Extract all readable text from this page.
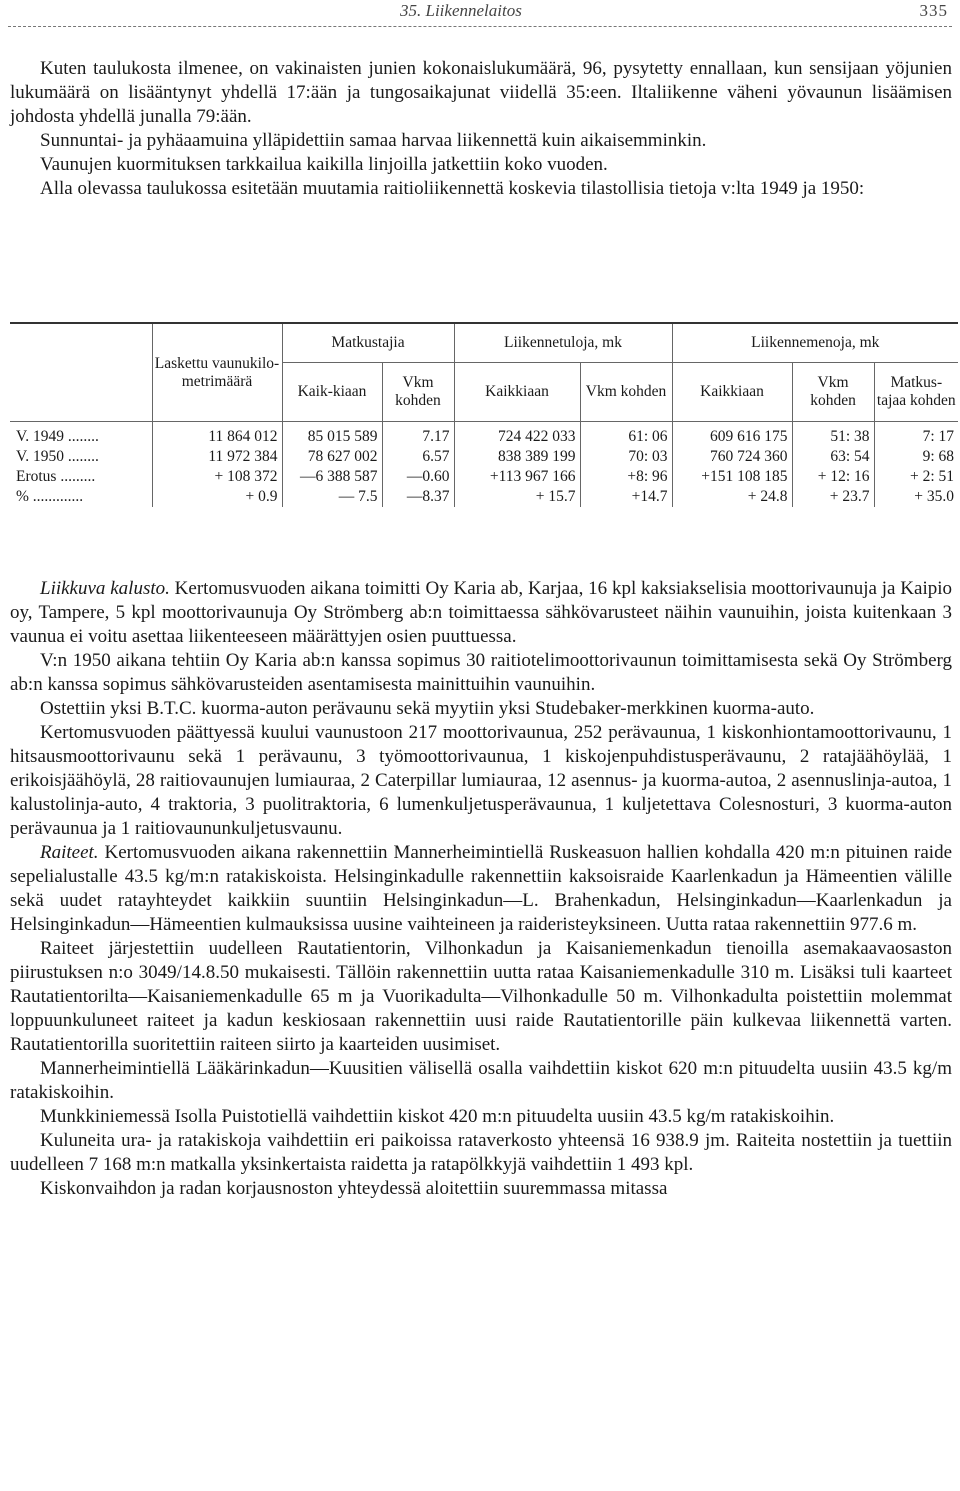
35. Liikennelaitos	335

Kuten taulukosta ilmenee, on vakinaisten junien kokonaislukumäärä, 96, pysytetty ennallaan, kun sensijaan yöjunien lukumäärä on lisääntynyt yhdellä 17:ään ja tungosaikajunat viidellä 35:een. Iltaliikenne väheni yövaunun lisäämisen johdosta yhdellä junalla 79:ään.

Sunnuntai- ja pyhäaamuina ylläpidettiin samaa harvaa liikennettä kuin aikaisemminkin.

Vaunujen kuormituksen tarkkailua kaikilla linjoilla jatkettiin koko vuoden.

Alla olevassa taulukossa esitetään muutamia raitioliikennettä koskevia tilastollisia tietoja v:lta 1949 ja 1950:

	Laskettu vaunukilo-metrimäärä	Matkustajia		Liikennetuloja, mk		Liikennemenoja, mk		
		Kaik-kiaan	Vkm kohden	Kaikkiaan	Vkm kohden	Kaikkiaan	Vkm kohden	Matkus-tajaa kohden
V. 1949 ........	11 864 012	85 015 589	7.17	724 422 033	61: 06	609 616 175	51: 38	7: 17
V. 1950 ........	11 972 384	78 627 002	6.57	838 389 199	70: 03	760 724 360	63: 54	9: 68
Erotus .........	+ 108 372	—6 388 587	—0.60	+113 967 166	+8: 96	+151 108 185	+ 12: 16	+ 2: 51
% .............	+ 0.9	— 7.5	—8.37	+ 15.7	+14.7	+ 24.8	+ 23.7	+ 35.0

Liikkuva kalusto. Kertomusvuoden aikana toimitti Oy Karia ab, Karjaa, 16 kpl kaksiakselisia moottorivaunuja ja Kaipio oy, Tampere, 5 kpl moottorivaunuja Oy Strömberg ab:n toimittaessa sähkövarusteet näihin vaunuihin, joista kuitenkaan 3 vaunua ei voitu asettaa liikenteeseen määrättyjen osien puuttuessa.

V:n 1950 aikana tehtiin Oy Karia ab:n kanssa sopimus 30 raitiotelimoottorivaunun toimittamisesta sekä Oy Strömberg ab:n kanssa sopimus sähkövarusteiden asentamisesta mainittuihin vaunuihin.

Ostettiin yksi B.T.C. kuorma-auton perävaunu sekä myytiin yksi Studebaker-merkkinen kuorma-auto.

Kertomusvuoden päättyessä kuului vaunustoon 217 moottorivaunua, 252 perävaunua, 1 kiskonhiontamoottorivaunu, 1 hitsausmoottorivaunu sekä 1 perävaunu, 3 työmoottorivaunua, 1 kiskojenpuhdistusperävaunu, 2 ratajäähöylää, 1 erikoisjäähöylä, 28 raitiovaunujen lumiauraa, 2 Caterpillar lumiauraa, 12 asennus- ja kuorma-autoa, 2 asennuslinja-autoa, 1 kalustolinja-auto, 4 traktoria, 3 puolitraktoria, 6 lumenkuljetusperävaunua, 1 kuljetettava Colesnosturi, 3 kuorma-auton perävaunua ja 1 raitiovaununkuljetusvaunu.

Raiteet. Kertomusvuoden aikana rakennettiin Mannerheimintiellä Ruskeasuon hallien kohdalla 420 m:n pituinen raide sepelialustalle 43.5 kg/m:n ratakiskoista. Helsinginkadulle rakennettiin kaksoisraide Kaarlenkadun ja Hämeentien välille sekä uudet ratayhteydet kaikkiin suuntiin Helsinginkadun—L. Brahenkadun, Helsinginkadun—Kaarlenkadun ja Helsinginkadun—Hämeentien kulmauksissa uusine vaihteineen ja raideristeyksineen. Uutta rataa rakennettiin 977.6 m.

Raiteet järjestettiin uudelleen Rautatientorin, Vilhonkadun ja Kaisaniemenkadun tienoilla asemakaavaosaston piirustuksen n:o 3049/14.8.50 mukaisesti. Tällöin rakennettiin uutta rataa Kaisaniemenkadulle 310 m. Lisäksi tuli kaarteet Rautatientorilta—Kaisaniemenkadulle 65 m ja Vuorikadulta—Vilhonkadulle 50 m. Vilhonkadulta poistettiin molemmat loppuunkuluneet raiteet ja kadun keskiosaan rakennettiin uusi raide Rautatientorille päin kulkevaa liikennettä varten. Rautatientorilla suoritettiin raiteen siirto ja kaarteiden uusimiset.

Mannerheimintiellä Lääkärinkadun—Kuusitien välisellä osalla vaihdettiin kiskot 620 m:n pituudelta uusiin 43.5 kg/m ratakiskoihin.

Munkkiniemessä Isolla Puistotiellä vaihdettiin kiskot 420 m:n pituudelta uusiin 43.5 kg/m ratakiskoihin.

Kuluneita ura- ja ratakiskoja vaihdettiin eri paikoissa rataverkosto yhteensä 16 938.9 jm. Raiteita nostettiin ja tuettiin uudelleen 7 168 m:n matkalla yksinkertaista raidetta ja ratapölkkyjä vaihdettiin 1 493 kpl.

Kiskonvaihdon ja radan korjausnoston yhteydessä aloitettiin suuremmassa mitassa
